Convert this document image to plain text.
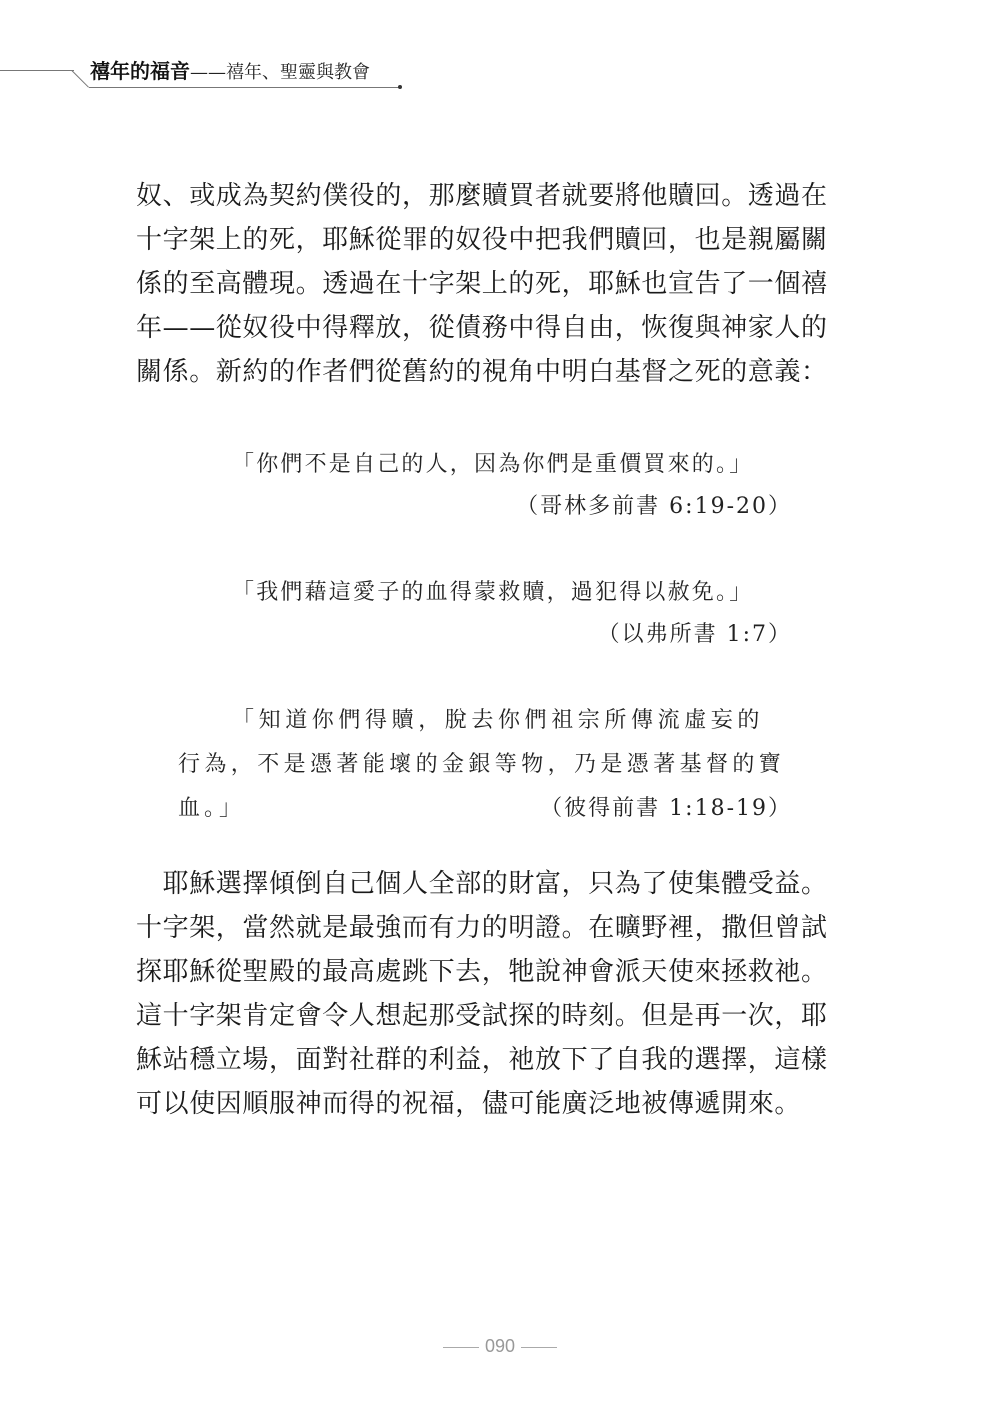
禧年的福音——禧年、聖靈與教會
奴、或成為契約僕役的，那麼贖買者就要將他贖回。透過在
十字架上的死，耶穌從罪的奴役中把我們贖回，也是親屬關
係的至高體現。透過在十字架上的死，耶穌也宣告了一個禧
年——從奴役中得釋放，從債務中得自由，恢復與神家人的
關係。新約的作者們從舊約的視角中明白基督之死的意義：
「你們不是自己的人，因為你們是重價買來的。」
（哥林多前書 6:19-20）
「我們藉這愛子的血得蒙救贖，過犯得以赦免。」
（以弗所書 1:7）
「知道你們得贖，脫去你們祖宗所傳流虛妄的
行為，不是憑著能壞的金銀等物，乃是憑著基督的寶
血。」	（彼得前書 1:18-19）
　耶穌選擇傾倒自己個人全部的財富，只為了使集體受益。
十字架，當然就是最強而有力的明證。在曠野裡，撒但曾試
探耶穌從聖殿的最高處跳下去，牠說神會派天使來拯救祂。
這十字架肯定會令人想起那受試探的時刻。但是再一次，耶
穌站穩立場，面對社群的利益，祂放下了自我的選擇，這樣
可以使因順服神而得的祝福，儘可能廣泛地被傳遞開來。
090
